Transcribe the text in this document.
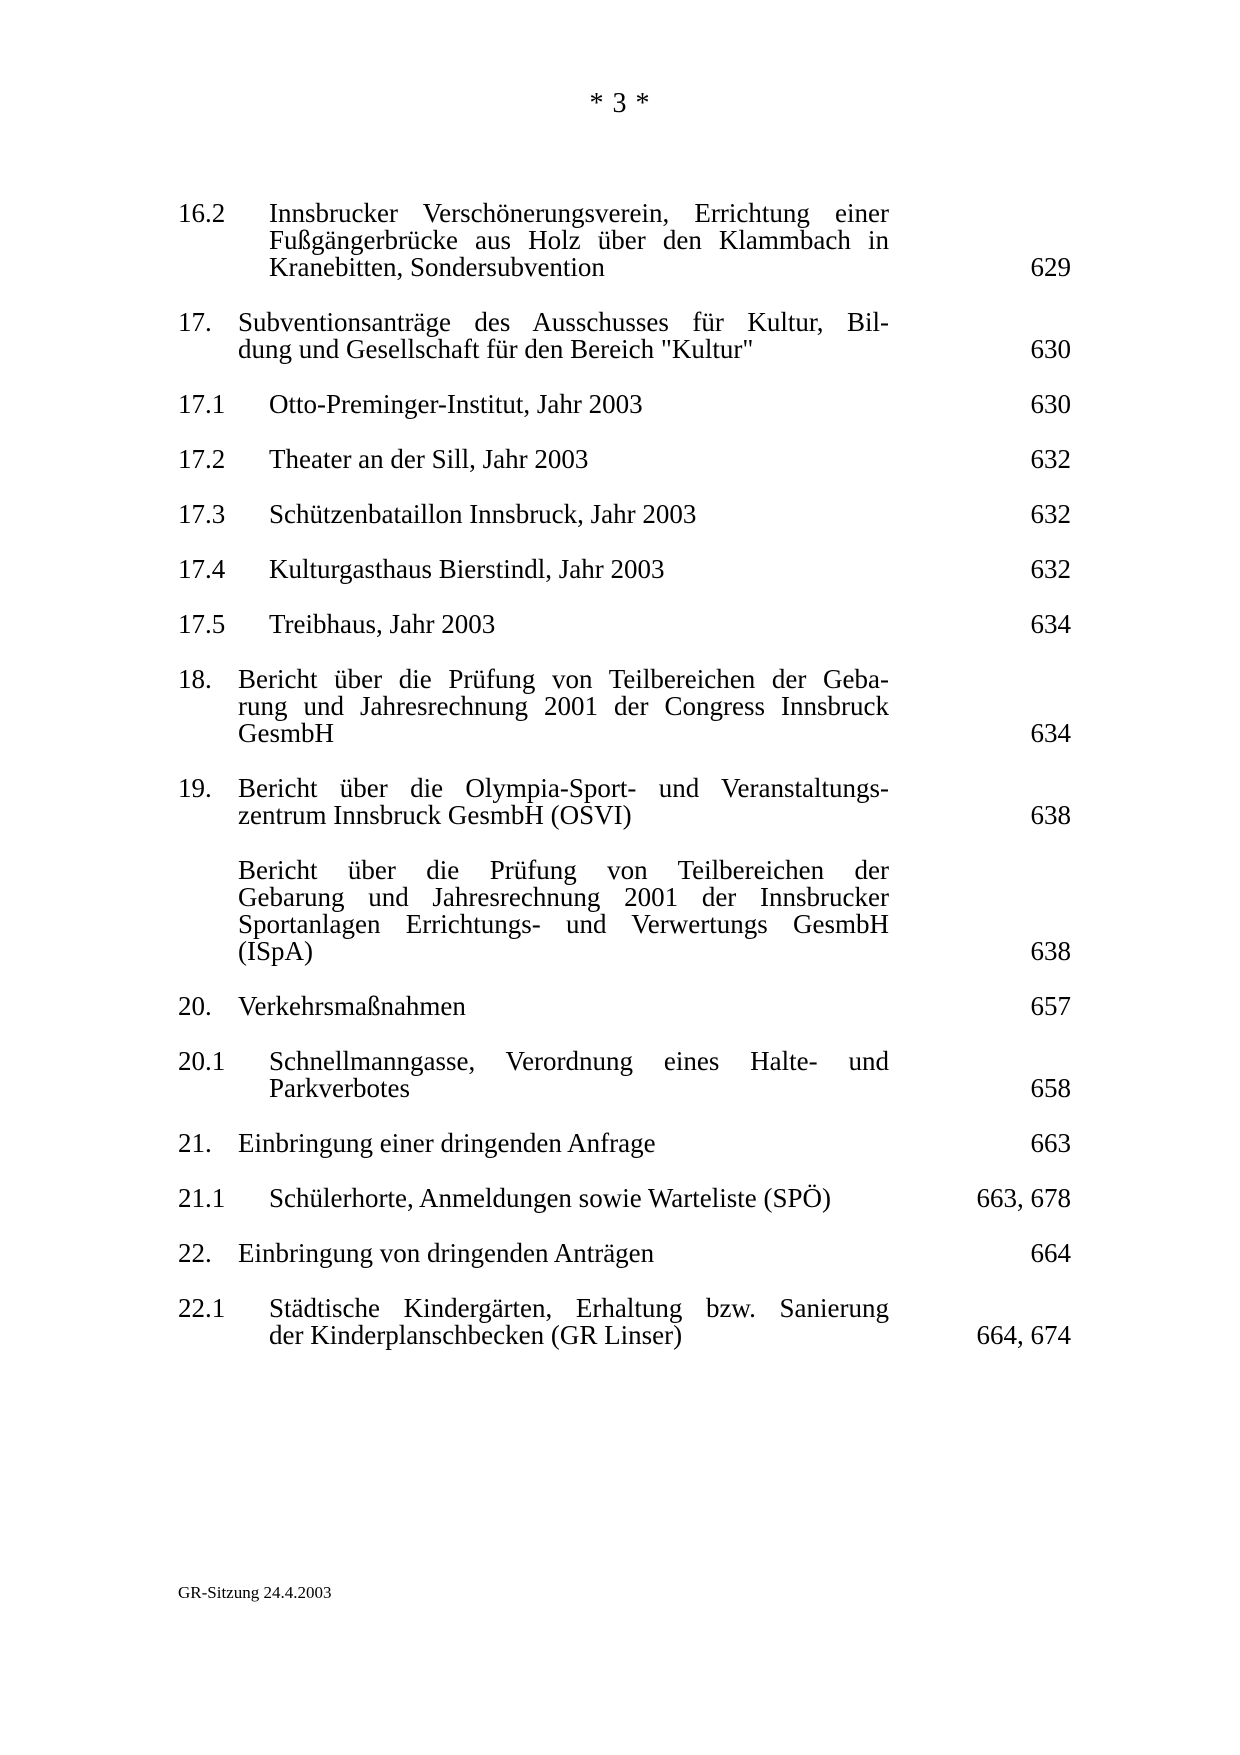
* 3 *
16.2 Innsbrucker Verschönerungsverein, Errichtung einer
Fußgängerbrücke aus Holz über den Klammbach in
Kranebitten, Sondersubvention	629
17. Subventionsanträge des Ausschusses für Kultur, Bil-
dung und Gesellschaft für den Bereich "Kultur"	630
17.1 Otto-Preminger-Institut, Jahr 2003	630
17.2 Theater an der Sill, Jahr 2003	632
17.3 Schützenbataillon Innsbruck, Jahr 2003	632
17.4 Kulturgasthaus Bierstindl, Jahr 2003	632
17.5 Treibhaus, Jahr 2003	634
18. Bericht über die Prüfung von Teilbereichen der Geba-
rung und Jahresrechnung 2001 der Congress Innsbruck
GesmbH	634
19. Bericht über die Olympia-Sport- und Veranstaltungs-
zentrum Innsbruck GesmbH (OSVI)	638
Bericht über die Prüfung von Teilbereichen der
Gebarung und Jahresrechnung 2001 der Innsbrucker
Sportanlagen Errichtungs- und Verwertungs GesmbH
(ISpA)	638
20. Verkehrsmaßnahmen	657
20.1 Schnellmanngasse, Verordnung eines Halte- und
Parkverbotes	658
21. Einbringung einer dringenden Anfrage	663
21.1 Schülerhorte, Anmeldungen sowie Warteliste (SPÖ)	663, 678
22. Einbringung von dringenden Anträgen	664
22.1 Städtische Kindergärten, Erhaltung bzw. Sanierung
der Kinderplanschbecken (GR Linser)	664, 674
GR-Sitzung 24.4.2003
